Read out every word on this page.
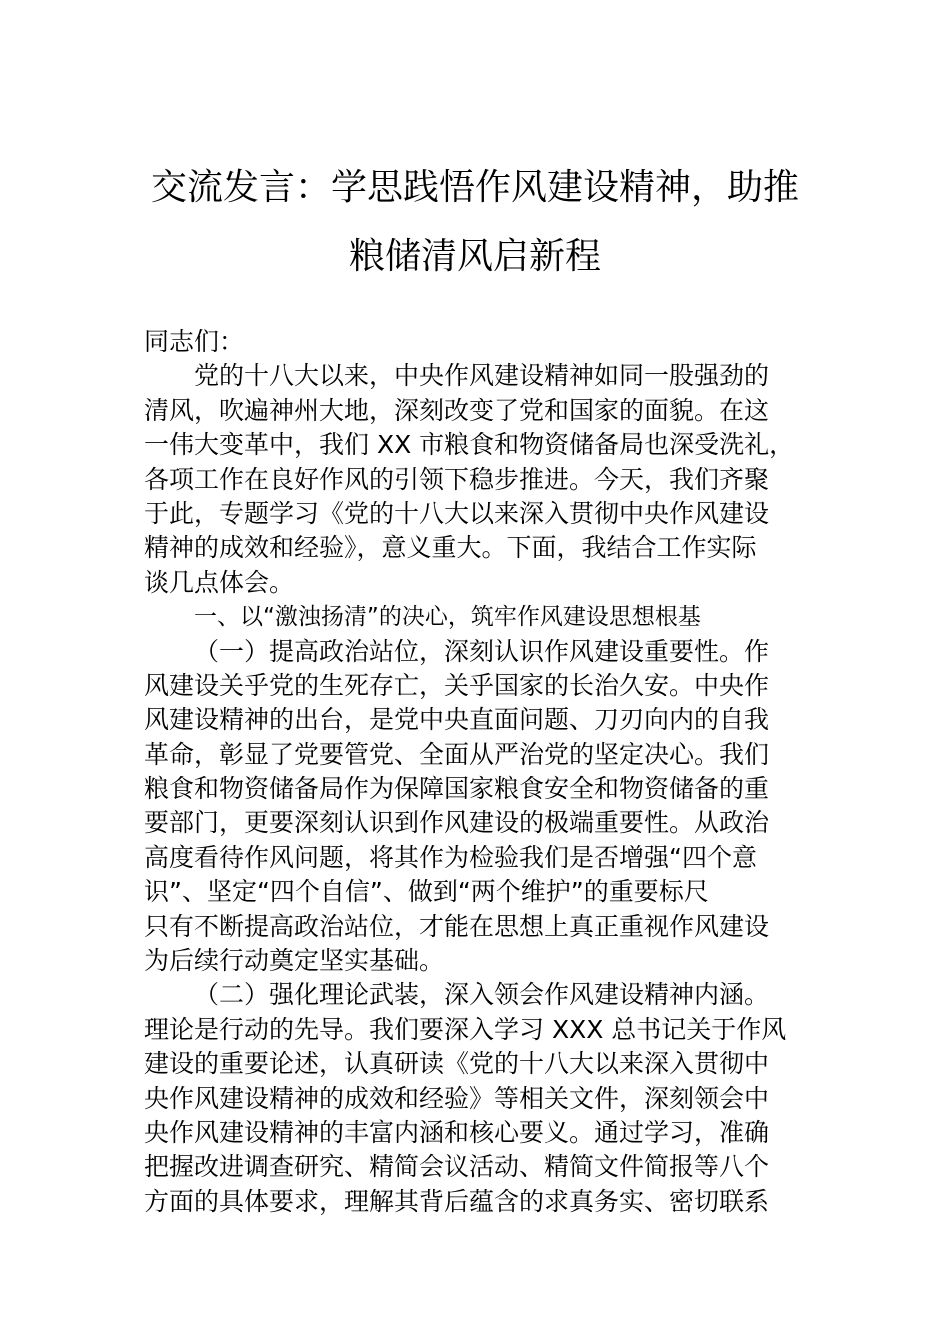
交流发言：学思践悟作风建设精神，助推
粮储清风启新程
同志们：
党的十八大以来，中央作风建设精神如同一股强劲的
清风，吹遍神州大地，深刻改变了党和国家的面貌。在这
一伟大变革中，我们 XX 市粮食和物资储备局也深受洗礼，
各项工作在良好作风的引领下稳步推进。今天，我们齐聚
于此，专题学习《党的十八大以来深入贯彻中央作风建设
精神的成效和经验》，意义重大。下面，我结合工作实际
谈几点体会。
一、以“激浊扬清”的决心，筑牢作风建设思想根基
（一）提高政治站位，深刻认识作风建设重要性。作
风建设关乎党的生死存亡，关乎国家的长治久安。中央作
风建设精神的出台，是党中央直面问题、刀刃向内的自我
革命，彰显了党要管党、全面从严治党的坚定决心。我们
粮食和物资储备局作为保障国家粮食安全和物资储备的重
要部门，更要深刻认识到作风建设的极端重要性。从政治
高度看待作风问题，将其作为检验我们是否增强“四个意
识”、坚定“四个自信”、做到“两个维护”的重要标尺
只有不断提高政治站位，才能在思想上真正重视作风建设
为后续行动奠定坚实基础。
（二）强化理论武装，深入领会作风建设精神内涵。
理论是行动的先导。我们要深入学习 XXX 总书记关于作风
建设的重要论述，认真研读《党的十八大以来深入贯彻中
央作风建设精神的成效和经验》等相关文件，深刻领会中
央作风建设精神的丰富内涵和核心要义。通过学习，准确
把握改进调查研究、精简会议活动、精简文件简报等八个
方面的具体要求，理解其背后蕴含的求真务实、密切联系
